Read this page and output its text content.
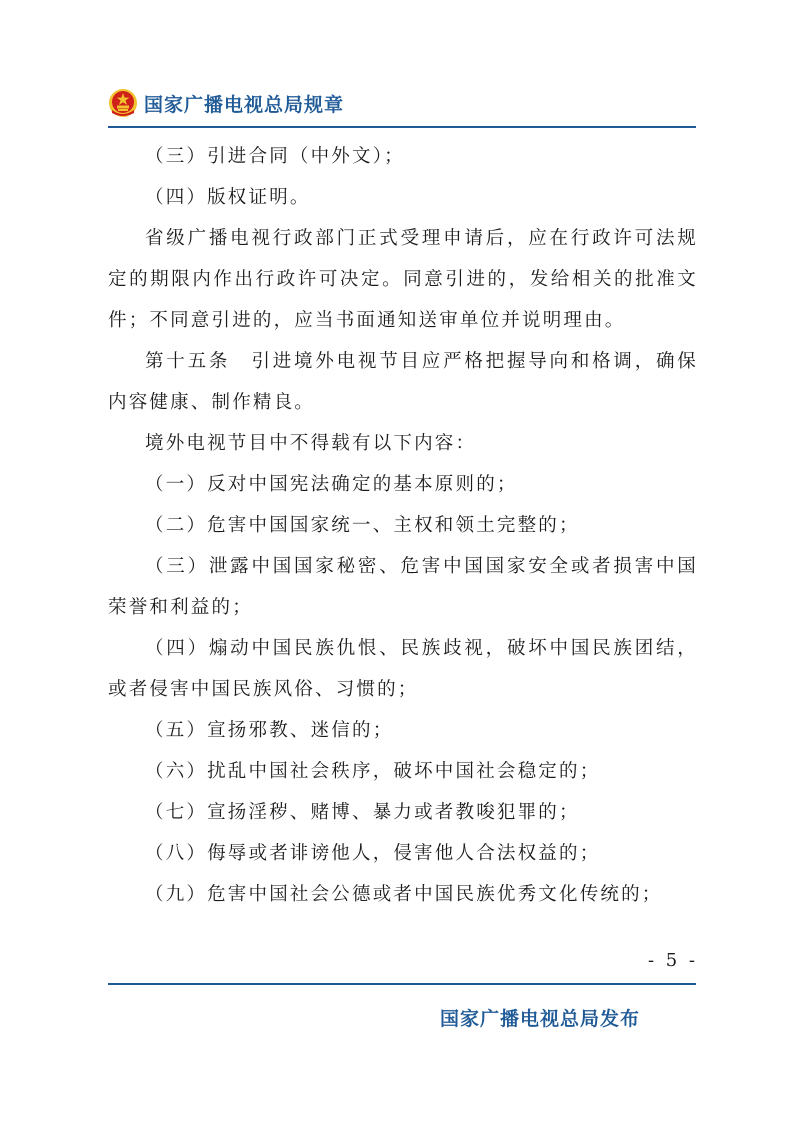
国家广播电视总局规章

（三）引进合同（中外文）；

（四）版权证明。

省级广播电视行政部门正式受理申请后，应在行政许可法规定的期限内作出行政许可决定。同意引进的，发给相关的批准文件；不同意引进的，应当书面通知送审单位并说明理由。

第十五条　引进境外电视节目应严格把握导向和格调，确保内容健康、制作精良。

境外电视节目中不得载有以下内容：

（一）反对中国宪法确定的基本原则的；

（二）危害中国国家统一、主权和领土完整的；

（三）泄露中国国家秘密、危害中国国家安全或者损害中国荣誉和利益的；

（四）煽动中国民族仇恨、民族歧视，破坏中国民族团结，或者侵害中国民族风俗、习惯的；

（五）宣扬邪教、迷信的；

（六）扰乱中国社会秩序，破坏中国社会稳定的；

（七）宣扬淫秽、赌博、暴力或者教唆犯罪的；

（八）侮辱或者诽谤他人，侵害他人合法权益的；

（九）危害中国社会公德或者中国民族优秀文化传统的；

- 5 -
国家广播电视总局发布
